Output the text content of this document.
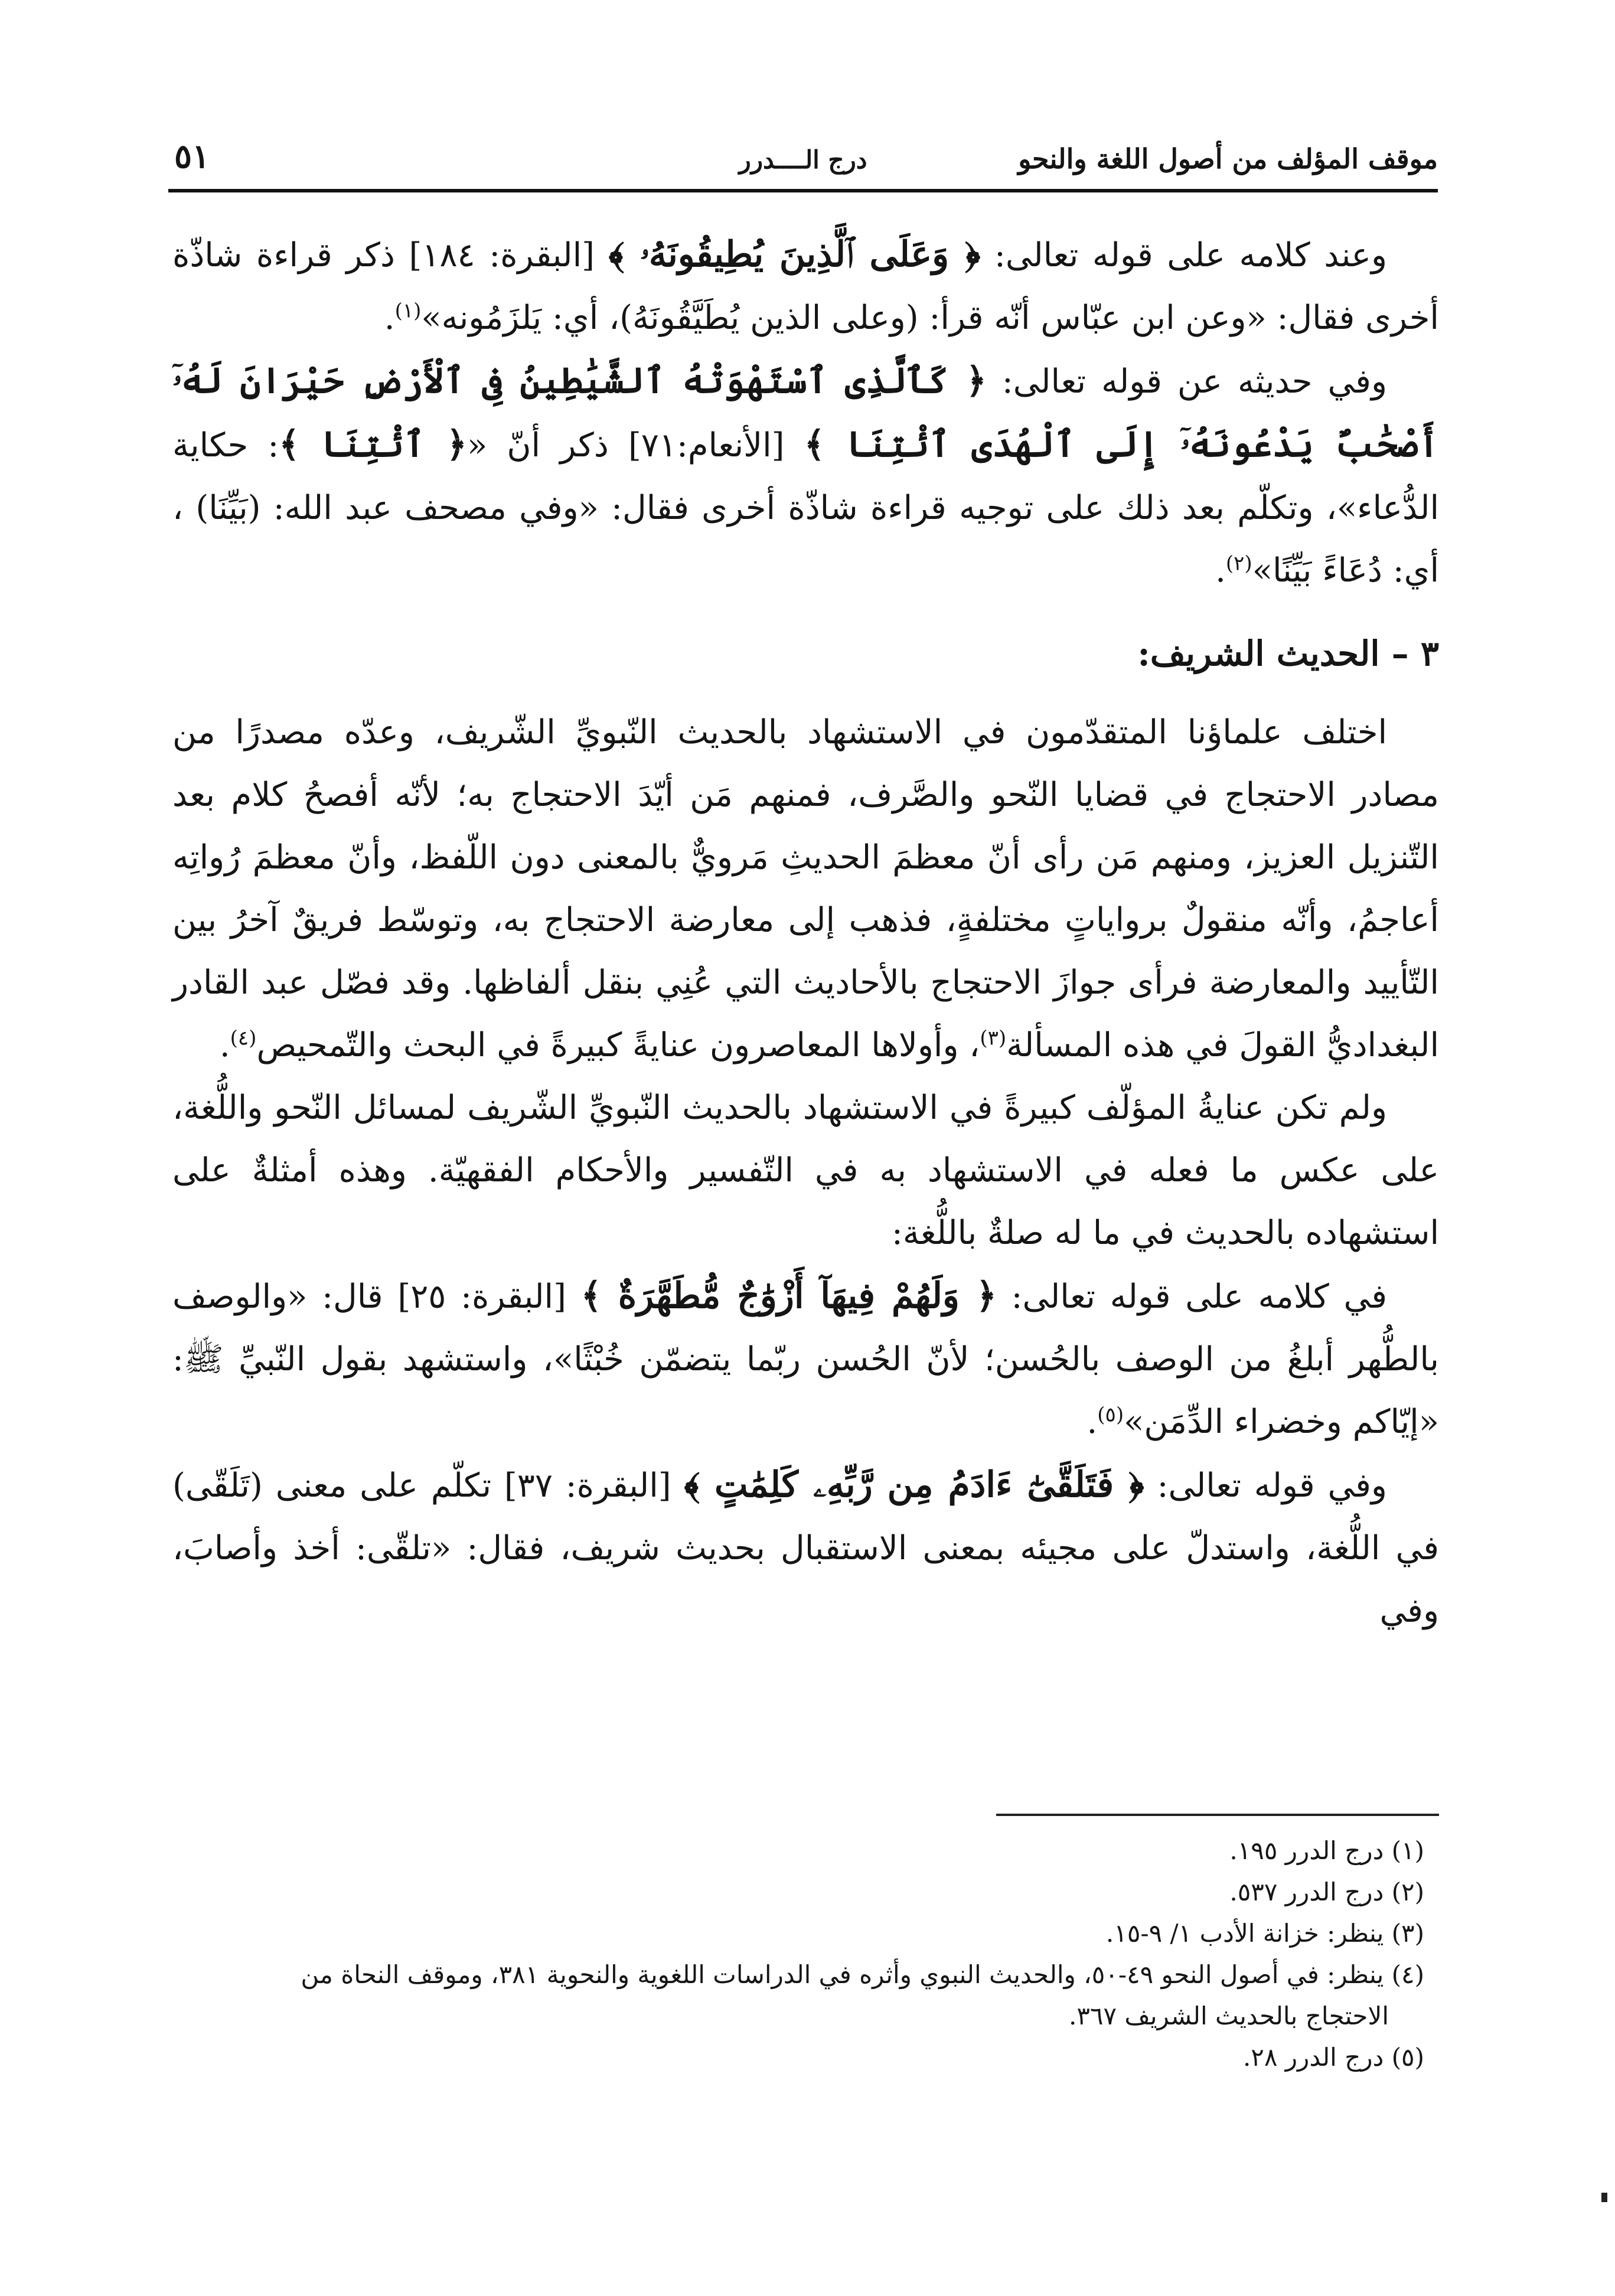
موقف المؤلف من أصول اللغة والنحو
درج الــــدرر
٥١

وعند كلامه على قوله تعالى: ﴿ وَعَلَى ٱلَّذِينَ يُطِيقُونَهُۥ ﴾ [البقرة: ١٨٤] ذكر قراءة شاذّة أخرى فقال: «وعن ابن عبّاس أنّه قرأ: (وعلى الذين يُطَيَّقُونَهُ)، أي: يَلزَمُونه»$^{(١)}$.

وفي حديثه عن قوله تعالى: ﴿ كَٱلَّذِى ٱسْتَهْوَتْهُ ٱلشَّيَٰطِينُ فِى ٱلْأَرْضِ حَيْرَانَ لَهُۥٓ أَصْحَٰبٌ يَدْعُونَهُۥٓ إِلَى ٱلْهُدَى ٱئْتِنَا ﴾ [الأنعام:٧١] ذكر أنّ «﴿ ٱئْتِنَا ﴾: حكاية الدُّعاء»، وتكلّم بعد ذلك على توجيه قراءة شاذّة أخرى فقال: «وفي مصحف عبد الله: (بَيِّنَا) ، أي: دُعَاءً بَيِّنًا»$^{(٢)}$.

٣ – الحديث الشريف:

اختلف علماؤنا المتقدّمون في الاستشهاد بالحديث النّبويِّ الشّريف، وعدّه مصدرًا من مصادر الاحتجاج في قضايا النّحو والصَّرف، فمنهم مَن أيّدَ الاحتجاج به؛ لأنّه أفصحُ كلام بعد التّنزيل العزيز، ومنهم مَن رأى أنّ معظمَ الحديثِ مَرويٌّ بالمعنى دون اللّفظ، وأنّ معظمَ رُواتِه أعاجمُ، وأنّه منقولٌ برواياتٍ مختلفةٍ، فذهب إلى معارضة الاحتجاج به، وتوسّط فريقٌ آخرُ بين التّأييد والمعارضة فرأى جوازَ الاحتجاج بالأحاديث التي عُنِي بنقل ألفاظها. وقد فصّل عبد القادر البغداديُّ القولَ في هذه المسألة$^{(٣)}$، وأولاها المعاصرون عنايةً كبيرةً في البحث والتّمحيص$^{(٤)}$.

ولم تكن عنايةُ المؤلّف كبيرةً في الاستشهاد بالحديث النّبويِّ الشّريف لمسائل النّحو واللُّغة، على عكس ما فعله في الاستشهاد به في التّفسير والأحكام الفقهيّة. وهذه أمثلةٌ على استشهاده بالحديث في ما له صلةٌ باللُّغة:

في كلامه على قوله تعالى: ﴿ وَلَهُمْ فِيهَآ أَزْوَٰجٌ مُّطَهَّرَةٌ ﴾ [البقرة: ٢٥] قال: «والوصف بالطُّهر أبلغُ من الوصف بالحُسن؛ لأنّ الحُسن ربّما يتضمّن خُبْثًا»، واستشهد بقول النّبيِّ ﷺ: «إيّاكم وخضراء الدِّمَن»$^{(٥)}$.

وفي قوله تعالى: ﴿ فَتَلَقَّىٰٓ ءَادَمُ مِن رَّبِّهِۦ كَلِمَٰتٍ ﴾ [البقرة: ٣٧] تكلّم على معنى (تَلَقّى) في اللُّغة، واستدلّ على مجيئه بمعنى الاستقبال بحديث شريف، فقال: «تلقّى: أخذ وأصابَ، وفي

(١) درج الدرر ١٩٥.
(٢) درج الدرر ٥٣٧.
(٣) ينظر: خزانة الأدب ١/ ٩-١٥.
(٤) ينظر: في أصول النحو ٤٩-٥٠، والحديث النبوي وأثره في الدراسات اللغوية والنحوية ٣٨١، وموقف النحاة من
الاحتجاج بالحديث الشريف ٣٦٧.
(٥) درج الدرر ٢٨.
